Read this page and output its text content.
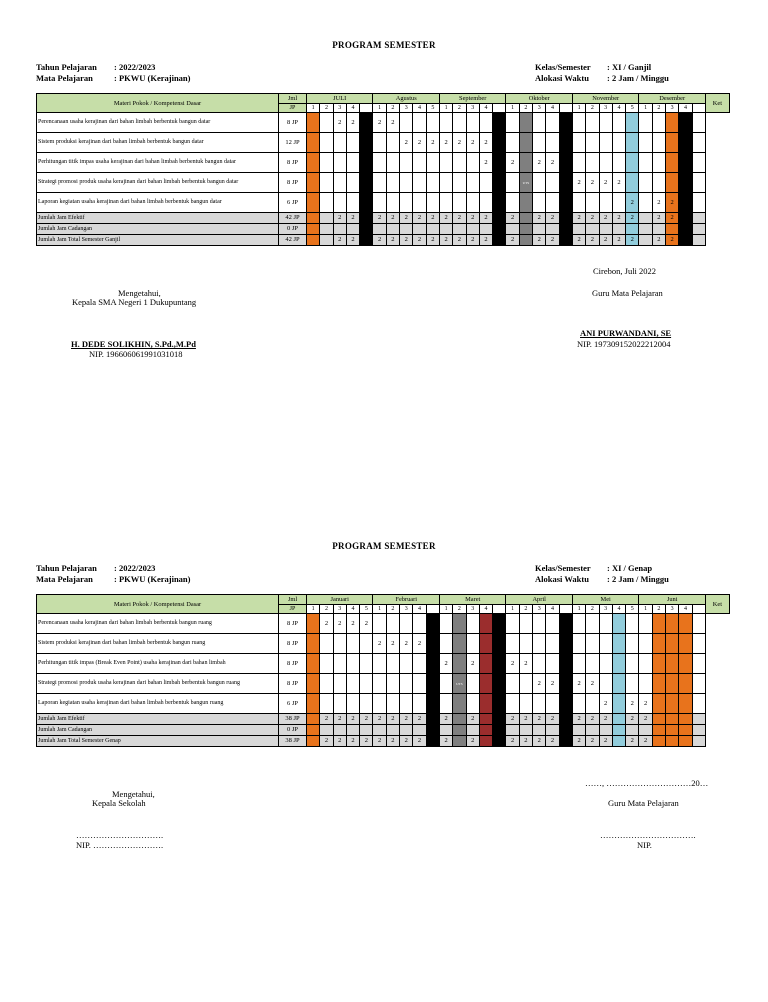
PROGRAM SEMESTER
Tahun Pelajaran : 2022/2023
Mata Pelajaran : PKWU (Kerajinan)
Kelas/Semester : XI / Ganjil
Alokasi Waktu : 2 Jam / Minggu
Materi Pokok / Kompetensi Dasar	Jml	JULI					Agustus					September					Oktober					November					Desember					Ket
	JP	1	2	3	4		1	2	3	4	5	1	2	3	4		1	2	3	4		1	2	3	4	5	1	2	3	4		
Perencanaan usaha kerajinan dari bahan limbah berbentuk bangun datar	8 JP			2	2		2	2																								
Sistem produksi kerajinan dari bahan limbah berbentuk bangun datar	12 JP								2	2	2	2	2	2	2																	
Perhitungan titik impas usaha kerajinan dari bahan limbah berbentuk bangun datar	8 JP														2		2		2	2												
Strategi promosi produk usaha kerajinan dari bahan limbah berbentuk bangun datar	8 JP																	UTS				2	2	2	2							
Laporan kegiatan usaha kerajinan dari bahan limbah berbentuk bangun datar	6 JP																									2		2	2			
Jumlah Jam Efektif	42 JP			2	2		2	2	2	2	2	2	2	2	2		2		2	2		2	2	2	2	2		2	2			
Jumlah Jam Cadangan	0 JP																															
Jumlah Jam Total Semester Ganjil	42 JP			2	2		2	2	2	2	2	2	2	2	2		2		2	2		2	2	2	2	2		2	2			
Cirebon, Juli 2022
Guru Mata Pelajaran
Mengetahui,
Kepala SMA Negeri 1 Dukupuntang
H. DEDE SOLIKHIN, S.Pd.,M.Pd
NIP. 196606061991031018
ANI PURWANDANI, SE
NIP. 197309152022212004
PROGRAM SEMESTER
Tahun Pelajaran : 2022/2023
Mata Pelajaran : PKWU (Kerajinan)
Kelas/Semester : XI / Genap
Alokasi Waktu : 2 Jam / Minggu
Materi Pokok / Kompetensi Dasar	Jml	Januari					Februari					Maret					April					Mei					Juni					Ket
	JP	1	2	3	4	5	1	2	3	4		1	2	3	4		1	2	3	4		1	2	3	4	5	1	2	3	4		
Perencanaan usaha kerajinan dari bahan limbah berbentuk bangun ruang	8 JP		2	2	2	2																										
Sistem produksi kerajinan dari bahan limbah berbentuk bangun ruang	8 JP						2	2	2	2																						
Perhitungan titik impas (Break Even Point) usaha kerajinan dari bahan limbah	8 JP											2		2			2	2														
Strategi promosi produk usaha kerajinan dari bahan limbah berbentuk bangun ruang	8 JP												UTS						2	2		2	2									
Laporan kegiatan usaha kerajinan dari bahan limbah berbentuk bangun ruang	6 JP																							2		2	2					
Jumlah Jam Efektif	38 JP		2	2	2	2	2	2	2	2		2		2			2	2	2	2		2	2	2		2	2					
Jumlah Jam Cadangan	0 JP																															
Jumlah Jam Total Semester Genap	38 JP		2	2	2	2	2	2	2	2		2		2			2	2	2	2		2	2	2		2	2					
……, …………………………20…
Mengetahui,
Kepala Sekolah	Guru Mata Pelajaran
………………………….
NIP. …………………….
…………………………….
NIP.
